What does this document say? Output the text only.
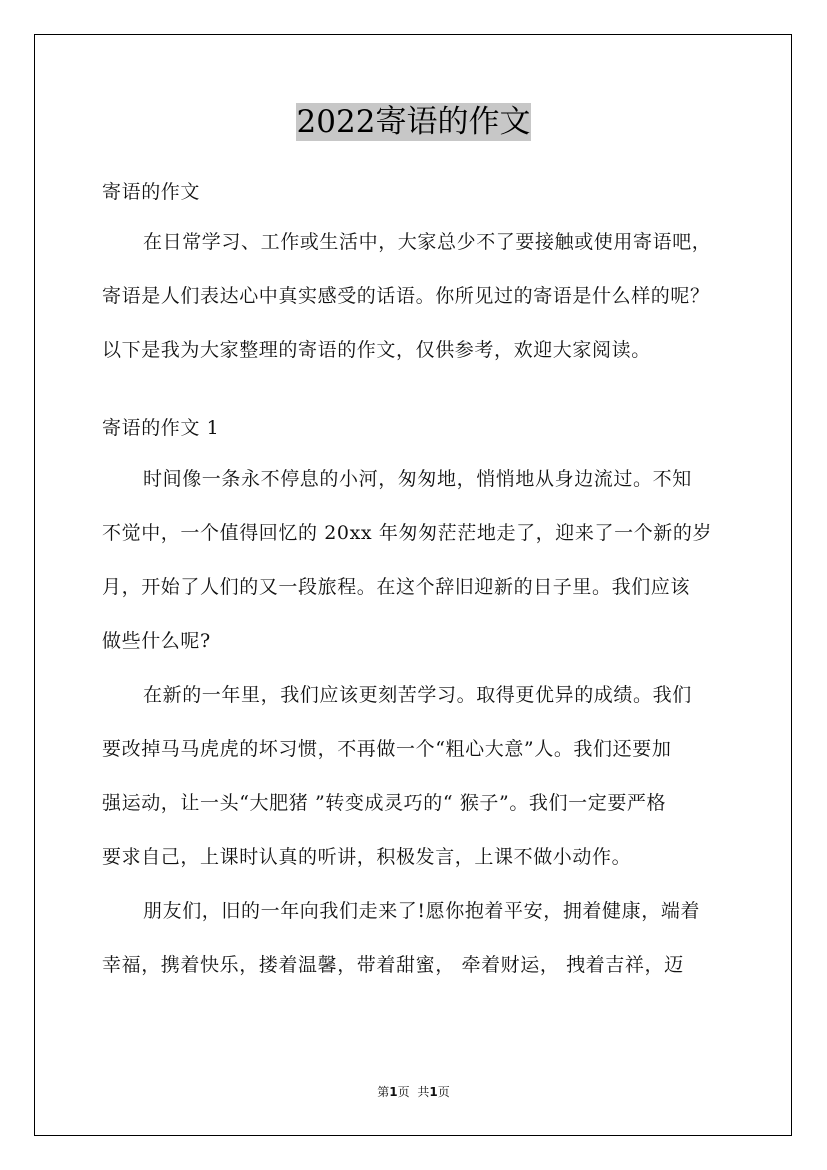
2022寄语的作文
寄语的作文
在日常学习、工作或生活中，大家总少不了要接触或使用寄语吧，
寄语是人们表达心中真实感受的话语。你所见过的寄语是什么样的呢？
以下是我为大家整理的寄语的作文，仅供参考，欢迎大家阅读。
寄语的作文 1
时间像一条永不停息的小河，匆匆地，悄悄地从身边流过。不知
不觉中，一个值得回忆的 20xx 年匆匆茫茫地走了，迎来了一个新的岁
月，开始了人们的又一段旅程。在这个辞旧迎新的日子里。我们应该
做些什么呢?
在新的一年里，我们应该更刻苦学习。取得更优异的成绩。我们
要改掉马马虎虎的坏习惯，不再做一个“粗心大意”人。我们还要加
强运动，让一头“大肥猪 ”转变成灵巧的“ 猴子”。我们一定要严格
要求自己，上课时认真的听讲，积极发言，上课不做小动作。
朋友们，旧的一年向我们走来了!愿你抱着平安，拥着健康，端着
幸福，携着快乐，搂着温馨，带着甜蜜， 牵着财运， 拽着吉祥，迈
第1页 共1页
